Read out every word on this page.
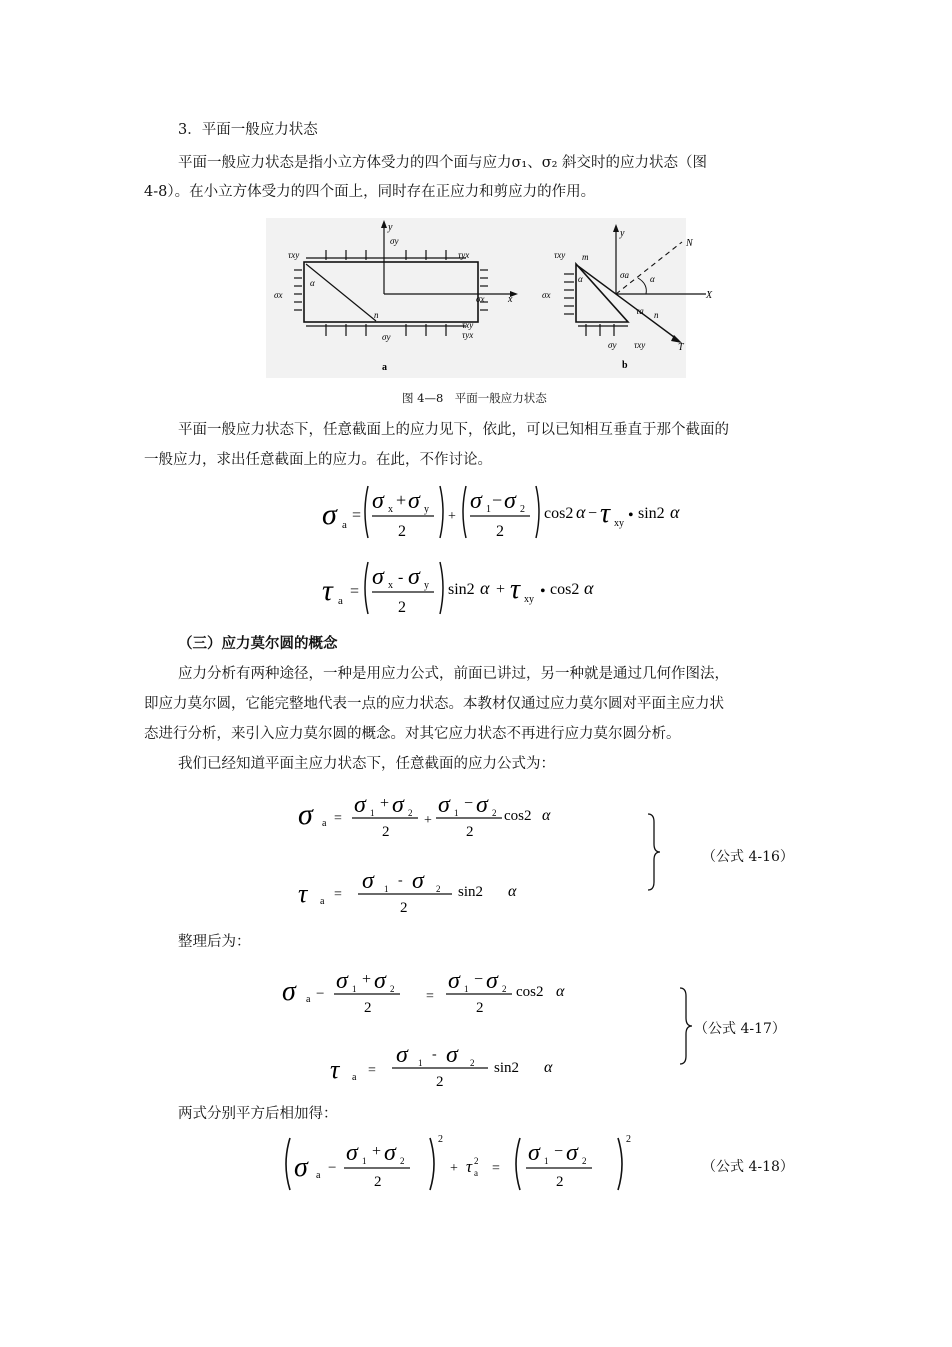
3．平面一般应力状态
平面一般应力状态是指小立方体受力的四个面与应力σ₁、σ₂ 斜交时的应力状态（图
4-8）。在小立方体受力的四个面上，同时存在正应力和剪应力的作用。
y
σy
τxy	τyx
σx
α
n
σx x
σy
τxy
τyx
a
y
τxy m
σx
α	σa α
N
X
τa n
T
σy τxy
b
图 4—8　平面一般应力状态
平面一般应力状态下，任意截面上的应力见下，依此，可以已知相互垂直于那个截面的
一般应力，求出任意截面上的应力。在此，不作讨论。
σ a
=
σ x + σ y
2
+
σ 1 − σ 2
2
cos2 α − τ xy • sin2 α
τ a
=
σ x - σ y
2
sin2 α + τ xy • cos2 α
（三）应力莫尔圆的概念
应力分析有两种途径，一种是用应力公式，前面已讲过，另一种就是通过几何作图法，
即应力莫尔圆，它能完整地代表一点的应力状态。本教材仅通过应力莫尔圆对平面主应力状
态进行分析，来引入应力莫尔圆的概念。对其它应力状态不再进行应力莫尔圆分析。
我们已经知道平面主应力状态下，任意截面的应力公式为：
σ a =
σ 1
+ σ 2
2
+
σ 1
− σ 2
2
cos2 α
τ a =
σ 1
- σ 2
2
sin2 α
（公式 4-16）
整理后为：
σ a − σ 1
+ σ 2
2
=
σ 1
− σ 2
2
cos2 α
τ a =
σ 1
- σ 2
2
sin2 α
（公式 4-17）
两式分别平方后相加得：
σ a −
σ 1
+ σ 2
2
2
+ τ 2
a =
σ 1
− σ 2
2
2
（公式 4-18）
